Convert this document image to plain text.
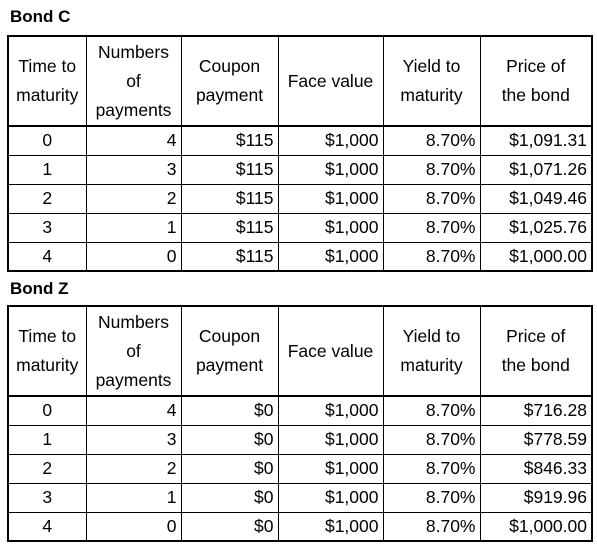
Bond C
Time to
maturity	Numbers
of
payments	Coupon
payment	Face value	Yield to
maturity	Price of
the bond
0	4	$115	$1,000	8.70%	$1,091.31
1	3	$115	$1,000	8.70%	$1,071.26
2	2	$115	$1,000	8.70%	$1,049.46
3	1	$115	$1,000	8.70%	$1,025.76
4	0	$115	$1,000	8.70%	$1,000.00
Bond Z
Time to
maturity	Numbers
of
payments	Coupon
payment	Face value	Yield to
maturity	Price of
the bond
0	4	$0	$1,000	8.70%	$716.28
1	3	$0	$1,000	8.70%	$778.59
2	2	$0	$1,000	8.70%	$846.33
3	1	$0	$1,000	8.70%	$919.96
4	0	$0	$1,000	8.70%	$1,000.00
